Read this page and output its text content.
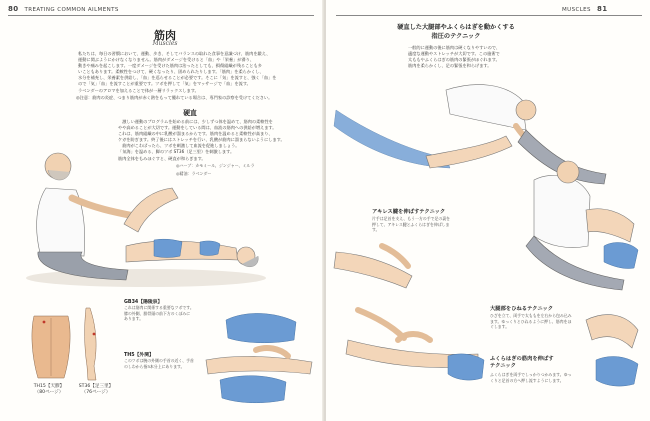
80 TREATING COMMON AILMENTS
筋肉
Muscles
私たちは、毎日の習慣において、運動、歩き、そしてバランスの取れた食事を意識づけ、筋肉を鍛え、
運動に関ぶようにかけなくなりません。筋肉がダメージを受けると「血」や「栄養」が滞り、
動きや痛みを起こします。一度ダメージを受けた筋肉は治ったとしても、損傷組織が残ることも多
いこともあります。柔軟性をつけて、硬くなったり、固められたりします。「筋肉」を柔らかくし、
水分を補充し、栄養素を供給し、「血」を巡らせることが必要です。そこに「気」を流すと、強く「血」を
ので「気」「血」を流すことが重要です。ツボを押して「気」をマッサージで「血」を流す。
ラベンダーのアロマを加えることで体が一層リラックスします。
◎注意：筋肉の炎症、つまり筋肉が赤く熱をもって腫れている場合は、専門家の診察を受けてください。
硬直
　激しい運動のプログラムを始める前には、少しずつ体を温めて、筋肉の柔軟性を
やや高めることが大切です。運動をしている間は、血流の筋肉への供給が増えます。
これは、筋肉組織の中に乳酸が溜まるからです。筋肉を温めると柔軟性が高まり、
ケガを防ぎます。終了後にはストレッチを行い、乳酸が筋肉に溜まらないようにします。
　筋肉がこわばったら、ツボを刺激して血流を促進しましょう。
「気海」を温める、脚のツボ ST36（足三里）を刺激します。
筋肉全体をもみほぐすと、硬直が和らぎます。
◎ハーブ：カモミール、ジンジャー、ミルラ
◎精油：ラベンダー
GB34【陽陵泉】
これは筋肉に関係する重要なツボです。膝の外側、腓骨頭の前下方のくぼみにあります。
TH5【外関】
このツボは腕の外側の手首の近く、手首のしわから指3本分上にあります。
TH15【天髎】
（80ページ）
ST36【足三里】
（76ページ）
MUSCLES 81
硬直した大腿部やふくらはぎを動かくする
指圧のテクニック
一般的に運動の後に筋肉は硬くなりやすいので、
適度な運動やストレッチが大切です。この施術で
太ももやふくらはぎの筋肉の緊張がほぐれます。
筋肉を柔らかくし、足の緊張を和らげます。
アキレス腱を伸ばすテクニック
片手は足首を支え、もう一方の手で足の裏を押して、アキレス腱とふくらはぎを伸ばします。
大腿部をひねるテクニック
ひざを立て、両手で太ももを左右から包み込みます。ゆっくりとひねるように押し、筋肉をほぐします。
ふくらはぎの筋肉を伸ばす
テクニック
ふくらはぎを両手でしっかりつかみます。ゆっくりと足首の方へ押し流すようにします。
